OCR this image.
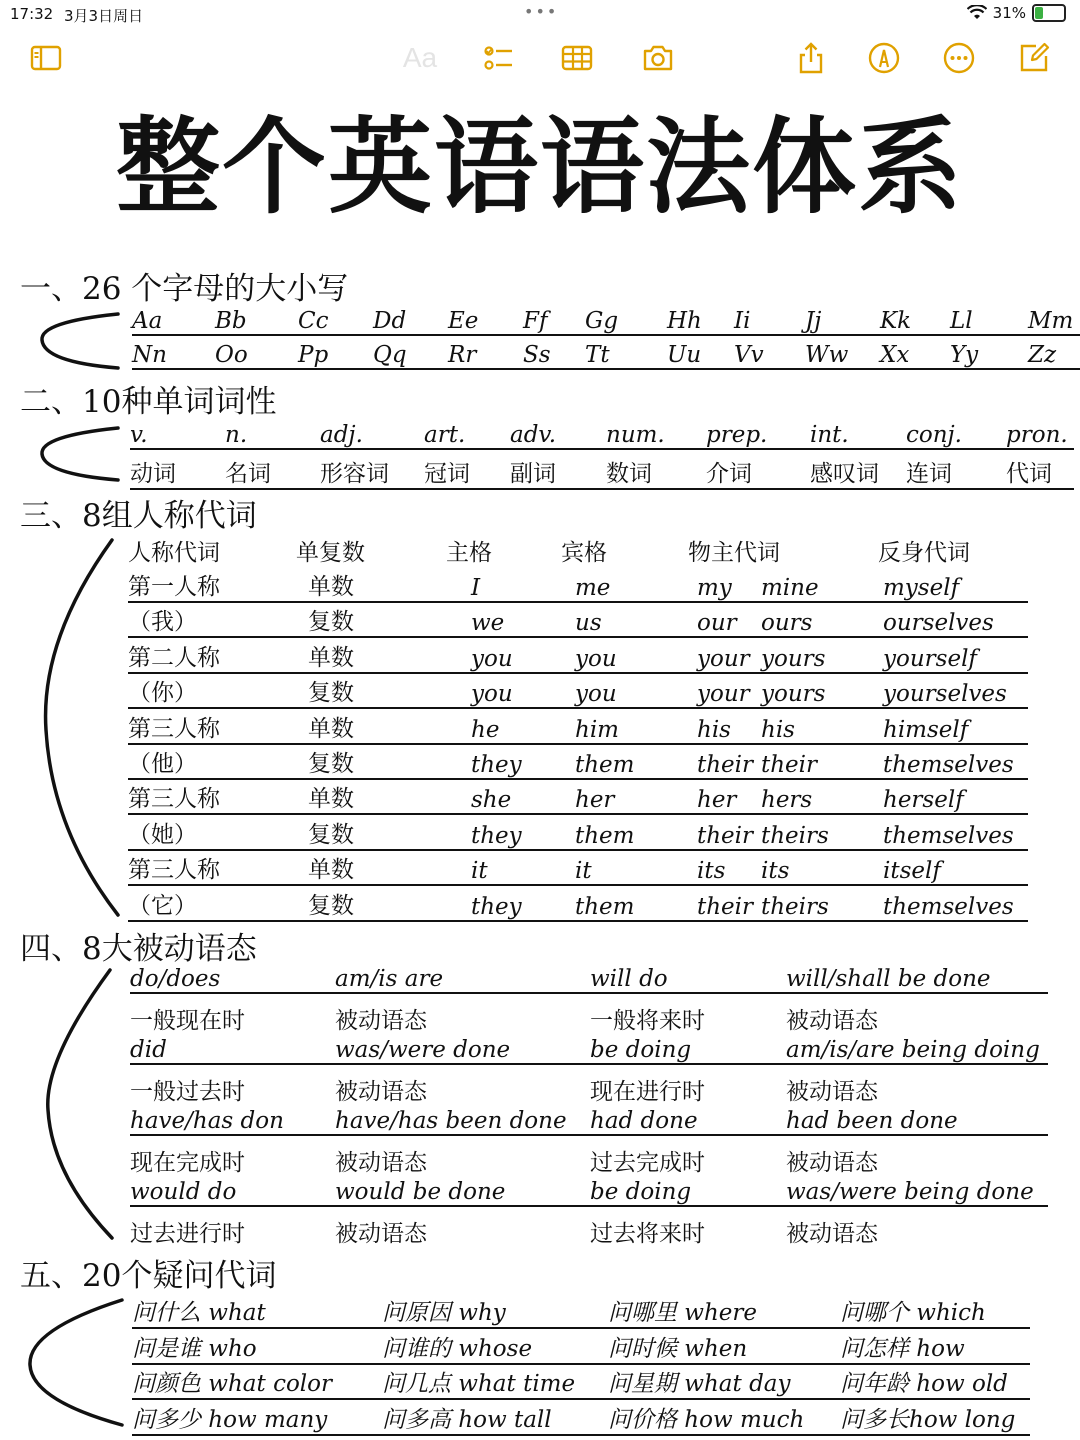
17:32 3月3日周日	•••	31%
Aa
整个英语语法体系
一、26 个字母的大小写
Aa	Bb	Cc	Dd	Ee	Ff	Gg	Hh	Ii	Jj	Kk	Ll	Mm
Nn	Oo	Pp	Qq	Rr	Ss	Tt	Uu	Vv	Ww	Xx	Yy	Zz
二、10种单词词性
v.	n.	adj.	art.	adv.	num.	prep.	int.	conj.	pron.
动词	名词	形容词	冠词	副词	数词	介词	感叹词	连词	代词
三、8组人称代词
人称代词	单复数	主格	宾格	物主代词	反身代词
第一人称	单数	I	me	my	mine	myself
（我）	复数	we	us	our	ours	ourselves
第二人称	单数	you	you	your yours	yourself
（你）	复数	you	you	your yours	yourselves
第三人称	单数	he	him	his	his	himself
（他）	复数	they	them	their their	themselves
第三人称	单数	she	her	her	hers	herself
（她）	复数	they	them	their theirs	themselves
第三人称	单数	it	it	its	its	itself
（它）	复数	they	them	their theirs	themselves
四、8大被动语态
do/does	am/is are	will do	will/shall be done
一般现在时	被动语态	一般将来时	被动语态
did	was/were done	be doing	am/is/are being doing
一般过去时	被动语态	现在进行时	被动语态
have/has don	have/has been done	had done	had been done
现在完成时	被动语态	过去完成时	被动语态
would do	would be done	be doing	was/were being done
过去进行时	被动语态	过去将来时	被动语态
五、20个疑问代词
问什么 what	问原因 why	问哪里 where	问哪个 which
问是谁 who	问谁的 whose	问时候 when	问怎样 how
问颜色 what color	问几点 what time	问星期 what day	问年龄 how old
问多少 how many	问多高 how tall	问价格 how much	问多长how long
